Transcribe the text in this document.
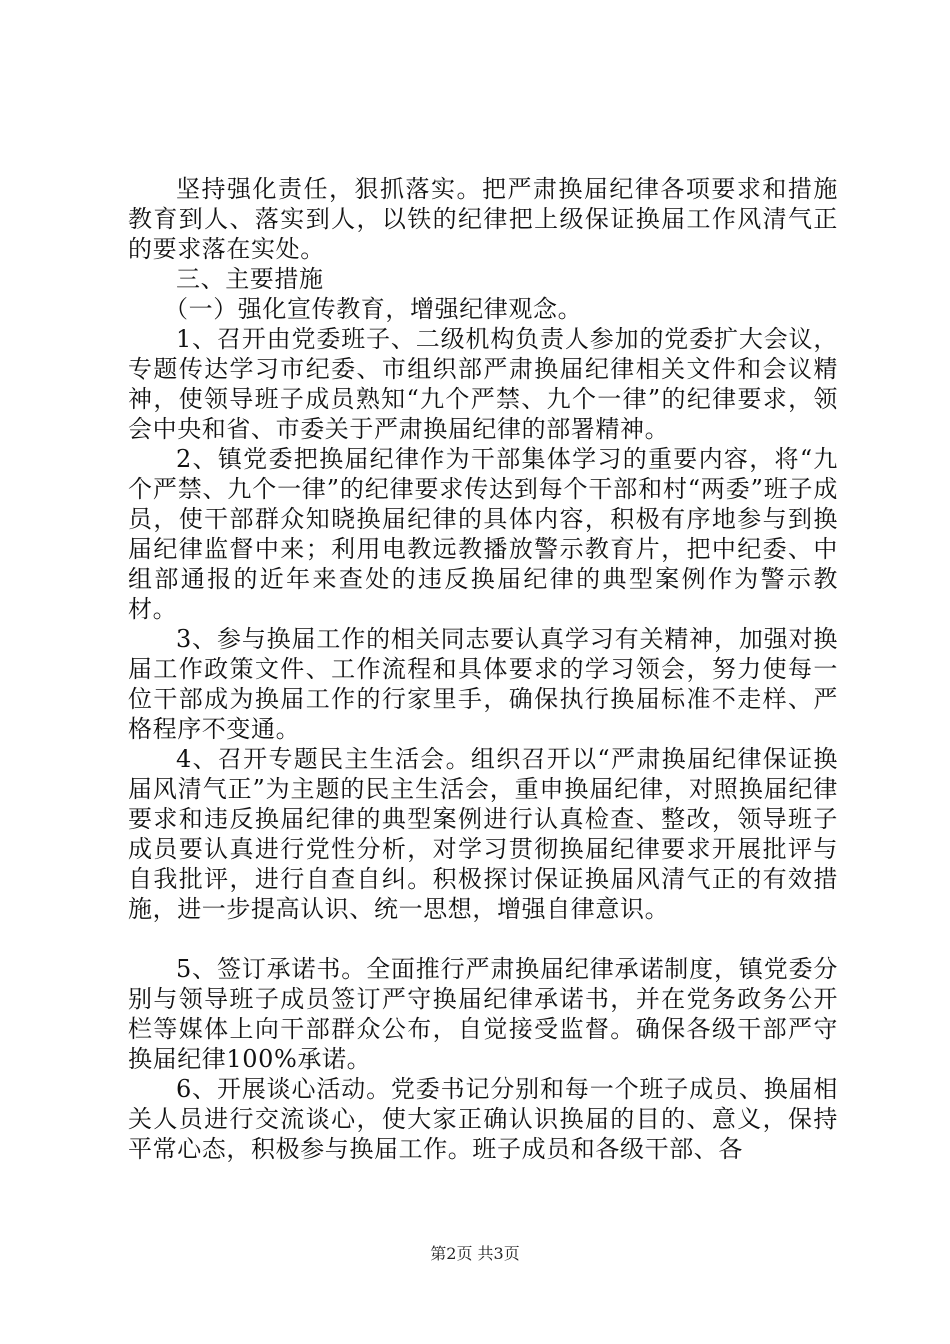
坚持强化责任，狠抓落实。把严肃换届纪律各项要求和措施教育到人、落实到人，以铁的纪律把上级保证换届工作风清气正的要求落在实处。

三、主要措施

（一）强化宣传教育，增强纪律观念。

1、召开由党委班子、二级机构负责人参加的党委扩大会议，专题传达学习市纪委、市组织部严肃换届纪律相关文件和会议精神，使领导班子成员熟知“九个严禁、九个一律”的纪律要求，领会中央和省、市委关于严肃换届纪律的部署精神。

2、镇党委把换届纪律作为干部集体学习的重要内容，将“九个严禁、九个一律”的纪律要求传达到每个干部和村“两委”班子成员，使干部群众知晓换届纪律的具体内容，积极有序地参与到换届纪律监督中来；利用电教远教播放警示教育片，把中纪委、中组部通报的近年来查处的违反换届纪律的典型案例作为警示教材。

3、参与换届工作的相关同志要认真学习有关精神，加强对换届工作政策文件、工作流程和具体要求的学习领会，努力使每一位干部成为换届工作的行家里手，确保执行换届标准不走样、严格程序不变通。

4、召开专题民主生活会。组织召开以“严肃换届纪律保证换届风清气正”为主题的民主生活会，重申换届纪律，对照换届纪律要求和违反换届纪律的典型案例进行认真检查、整改，领导班子成员要认真进行党性分析，对学习贯彻换届纪律要求开展批评与自我批评，进行自查自纠。积极探讨保证换届风清气正的有效措施，进一步提高认识、统一思想，增强自律意识。

5、签订承诺书。全面推行严肃换届纪律承诺制度，镇党委分别与领导班子成员签订严守换届纪律承诺书，并在党务政务公开栏等媒体上向干部群众公布，自觉接受监督。确保各级干部严守换届纪律100%承诺。

6、开展谈心活动。党委书记分别和每一个班子成员、换届相关人员进行交流谈心，使大家正确认识换届的目的、意义，保持平常心态，积极参与换届工作。班子成员和各级干部、各

第2页 共3页
